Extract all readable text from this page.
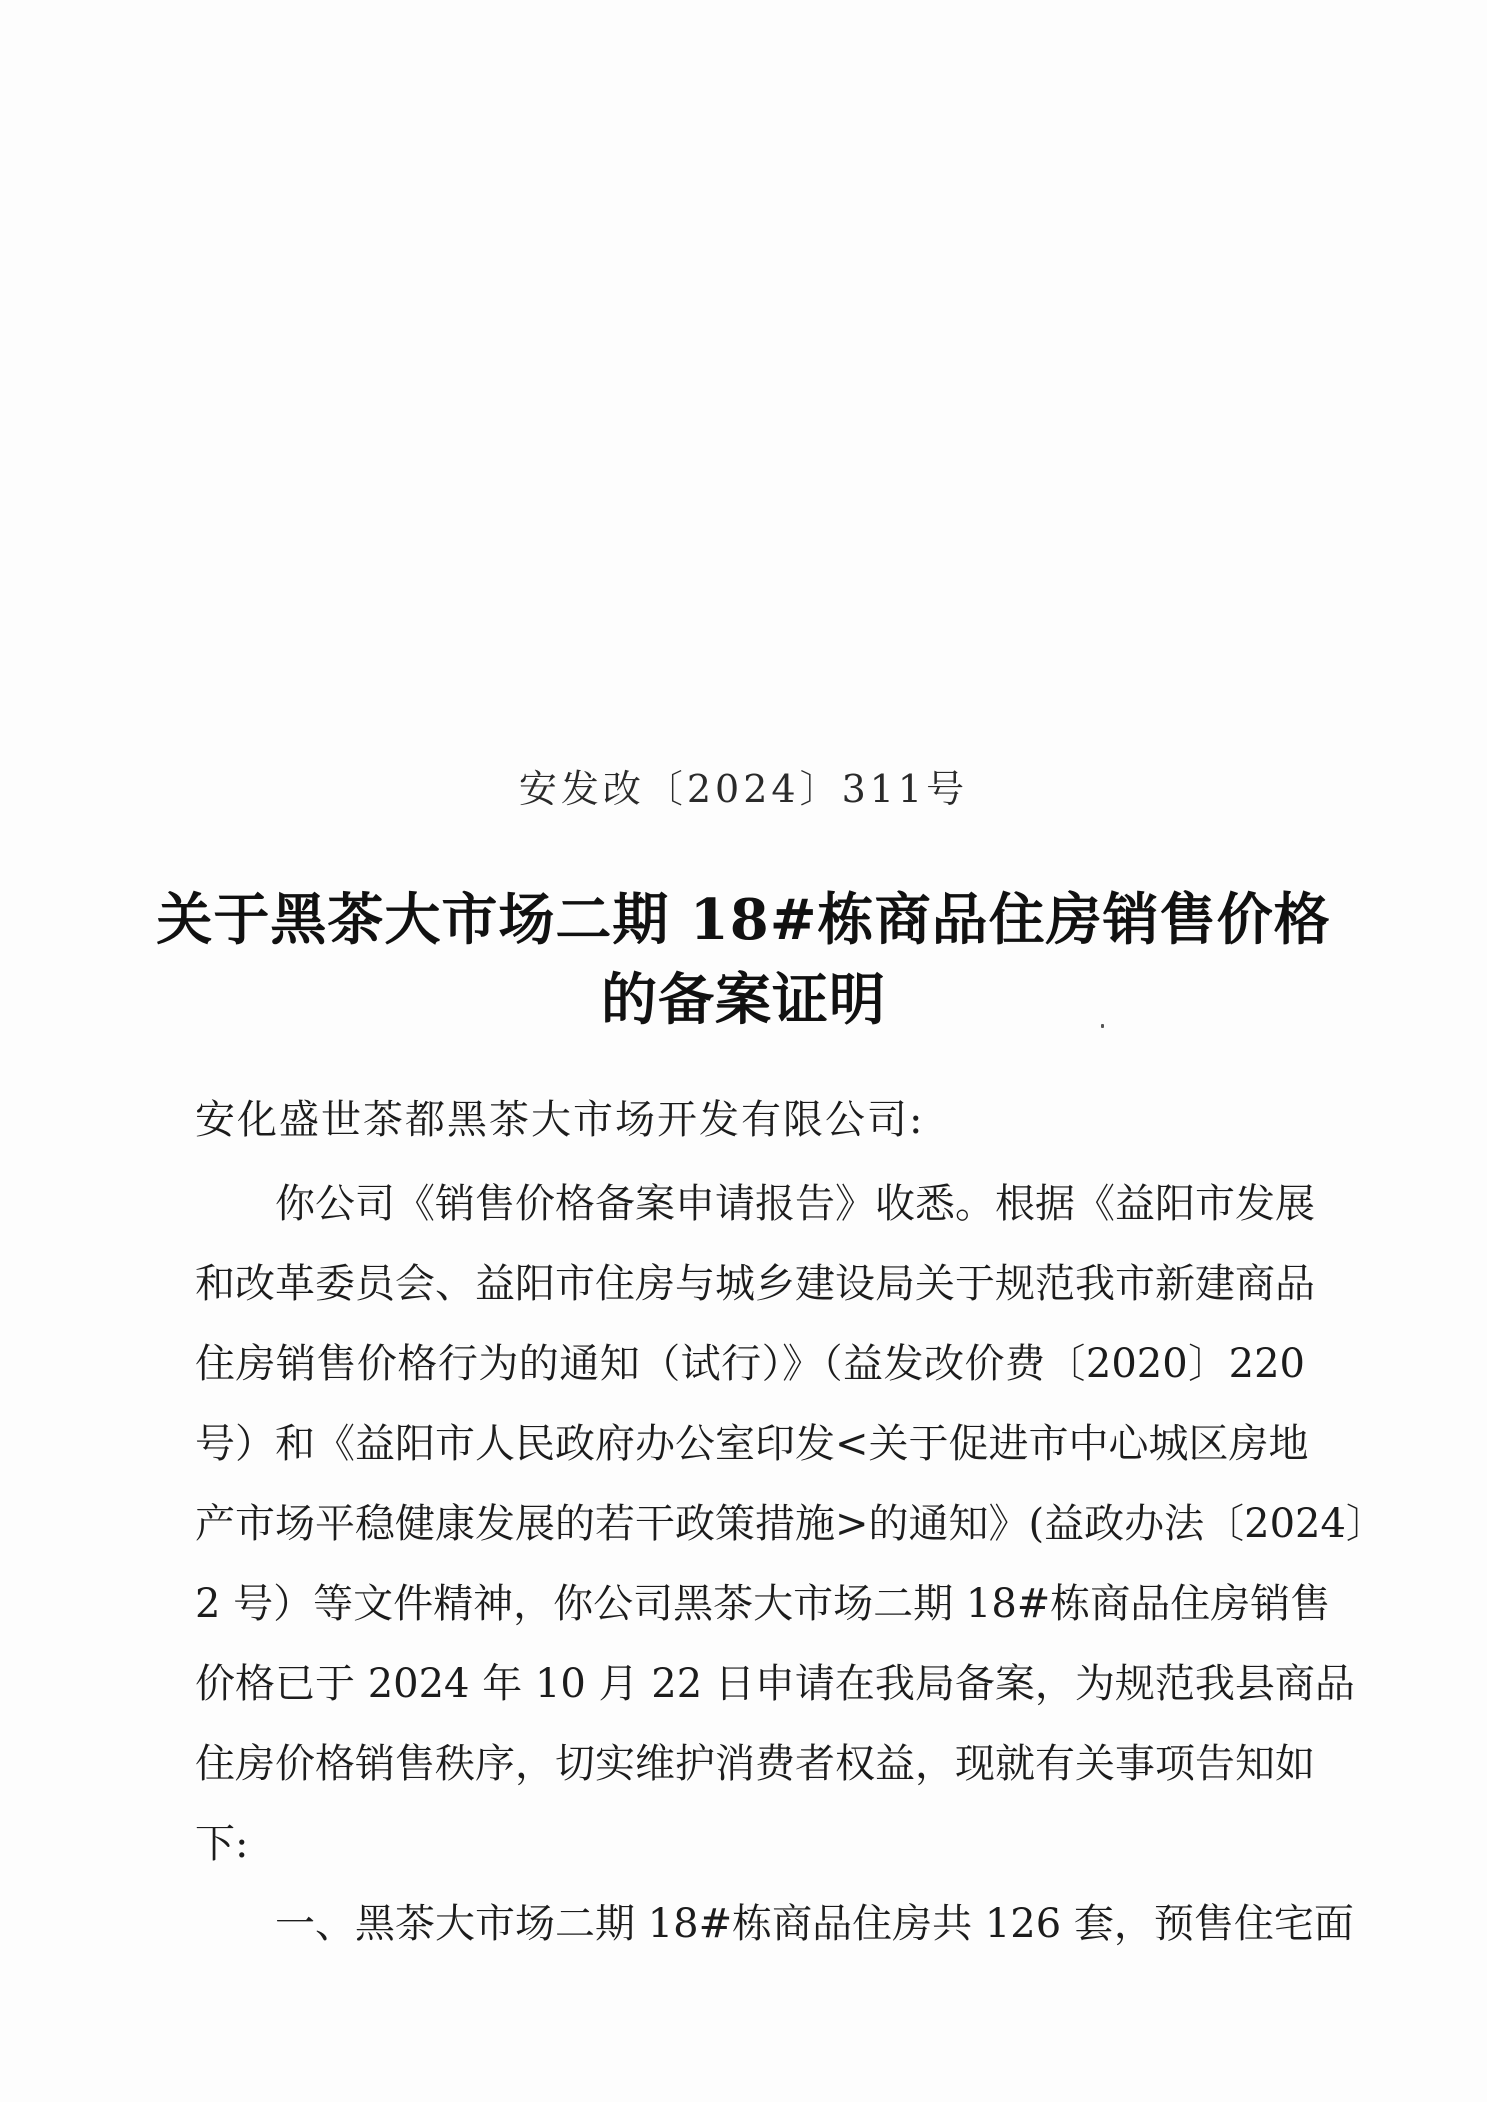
安发改〔2024〕311号
关于黑茶大市场二期 18#栋商品住房销售价格
的备案证明
安化盛世茶都黑茶大市场开发有限公司:
你公司《销售价格备案申请报告》收悉。根据《益阳市发展
和改革委员会、益阳市住房与城乡建设局关于规范我市新建商品
住房销售价格行为的通知（试行）》（益发改价费〔2020〕220
号）和《益阳市人民政府办公室印发<关于促进市中心城区房地
产市场平稳健康发展的若干政策措施>的通知》(益政办法〔2024〕
2 号）等文件精神，你公司黑茶大市场二期 18#栋商品住房销售
价格已于 2024 年 10 月 22 日申请在我局备案，为规范我县商品
住房价格销售秩序，切实维护消费者权益，现就有关事项告知如
下:
一、黑茶大市场二期 18#栋商品住房共 126 套，预售住宅面
